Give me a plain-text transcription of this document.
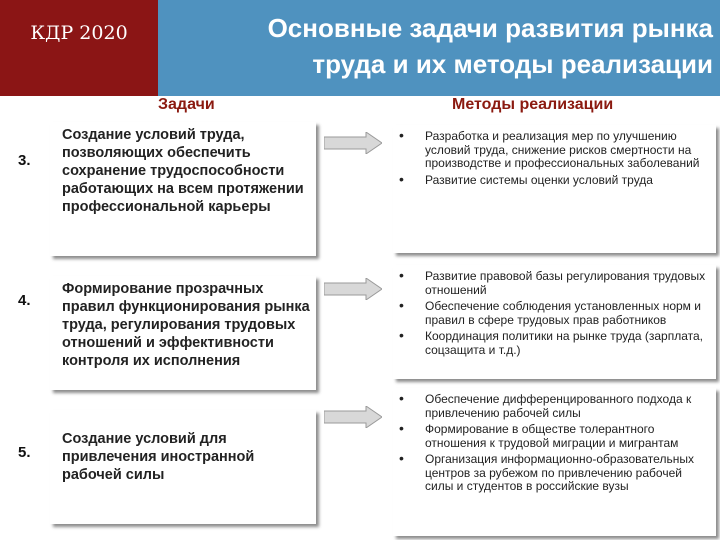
КДР 2020	Основные задачи развития рынка
труда и их методы реализации
Задачи	Методы реализации
3.
Создание условий труда, позволяющих обеспечить сохранение трудоспособности работающих на всем протяжении профессиональной карьеры
• Разработка и реализация мер по улучшению условий труда, снижение рисков смертности на производстве и профессиональных заболеваний
• Развитие системы оценки условий труда
4.
Формирование прозрачных правил функционирования рынка труда, регулирования трудовых отношений и эффективности контроля их исполнения
• Развитие правовой базы регулирования трудовых отношений
• Обеспечение соблюдения установленных норм и правил в сфере трудовых прав работников
• Координация политики на рынке труда (зарплата, соцзащита и т.д.)
5.
Создание условий для привлечения иностранной рабочей силы
• Обеспечение дифференцированного подхода к привлечению рабочей силы
• Формирование в обществе толерантного отношения к трудовой миграции и мигрантам
• Организация информационно-образовательных центров за рубежом по привлечению рабочей силы и студентов в российские вузы
